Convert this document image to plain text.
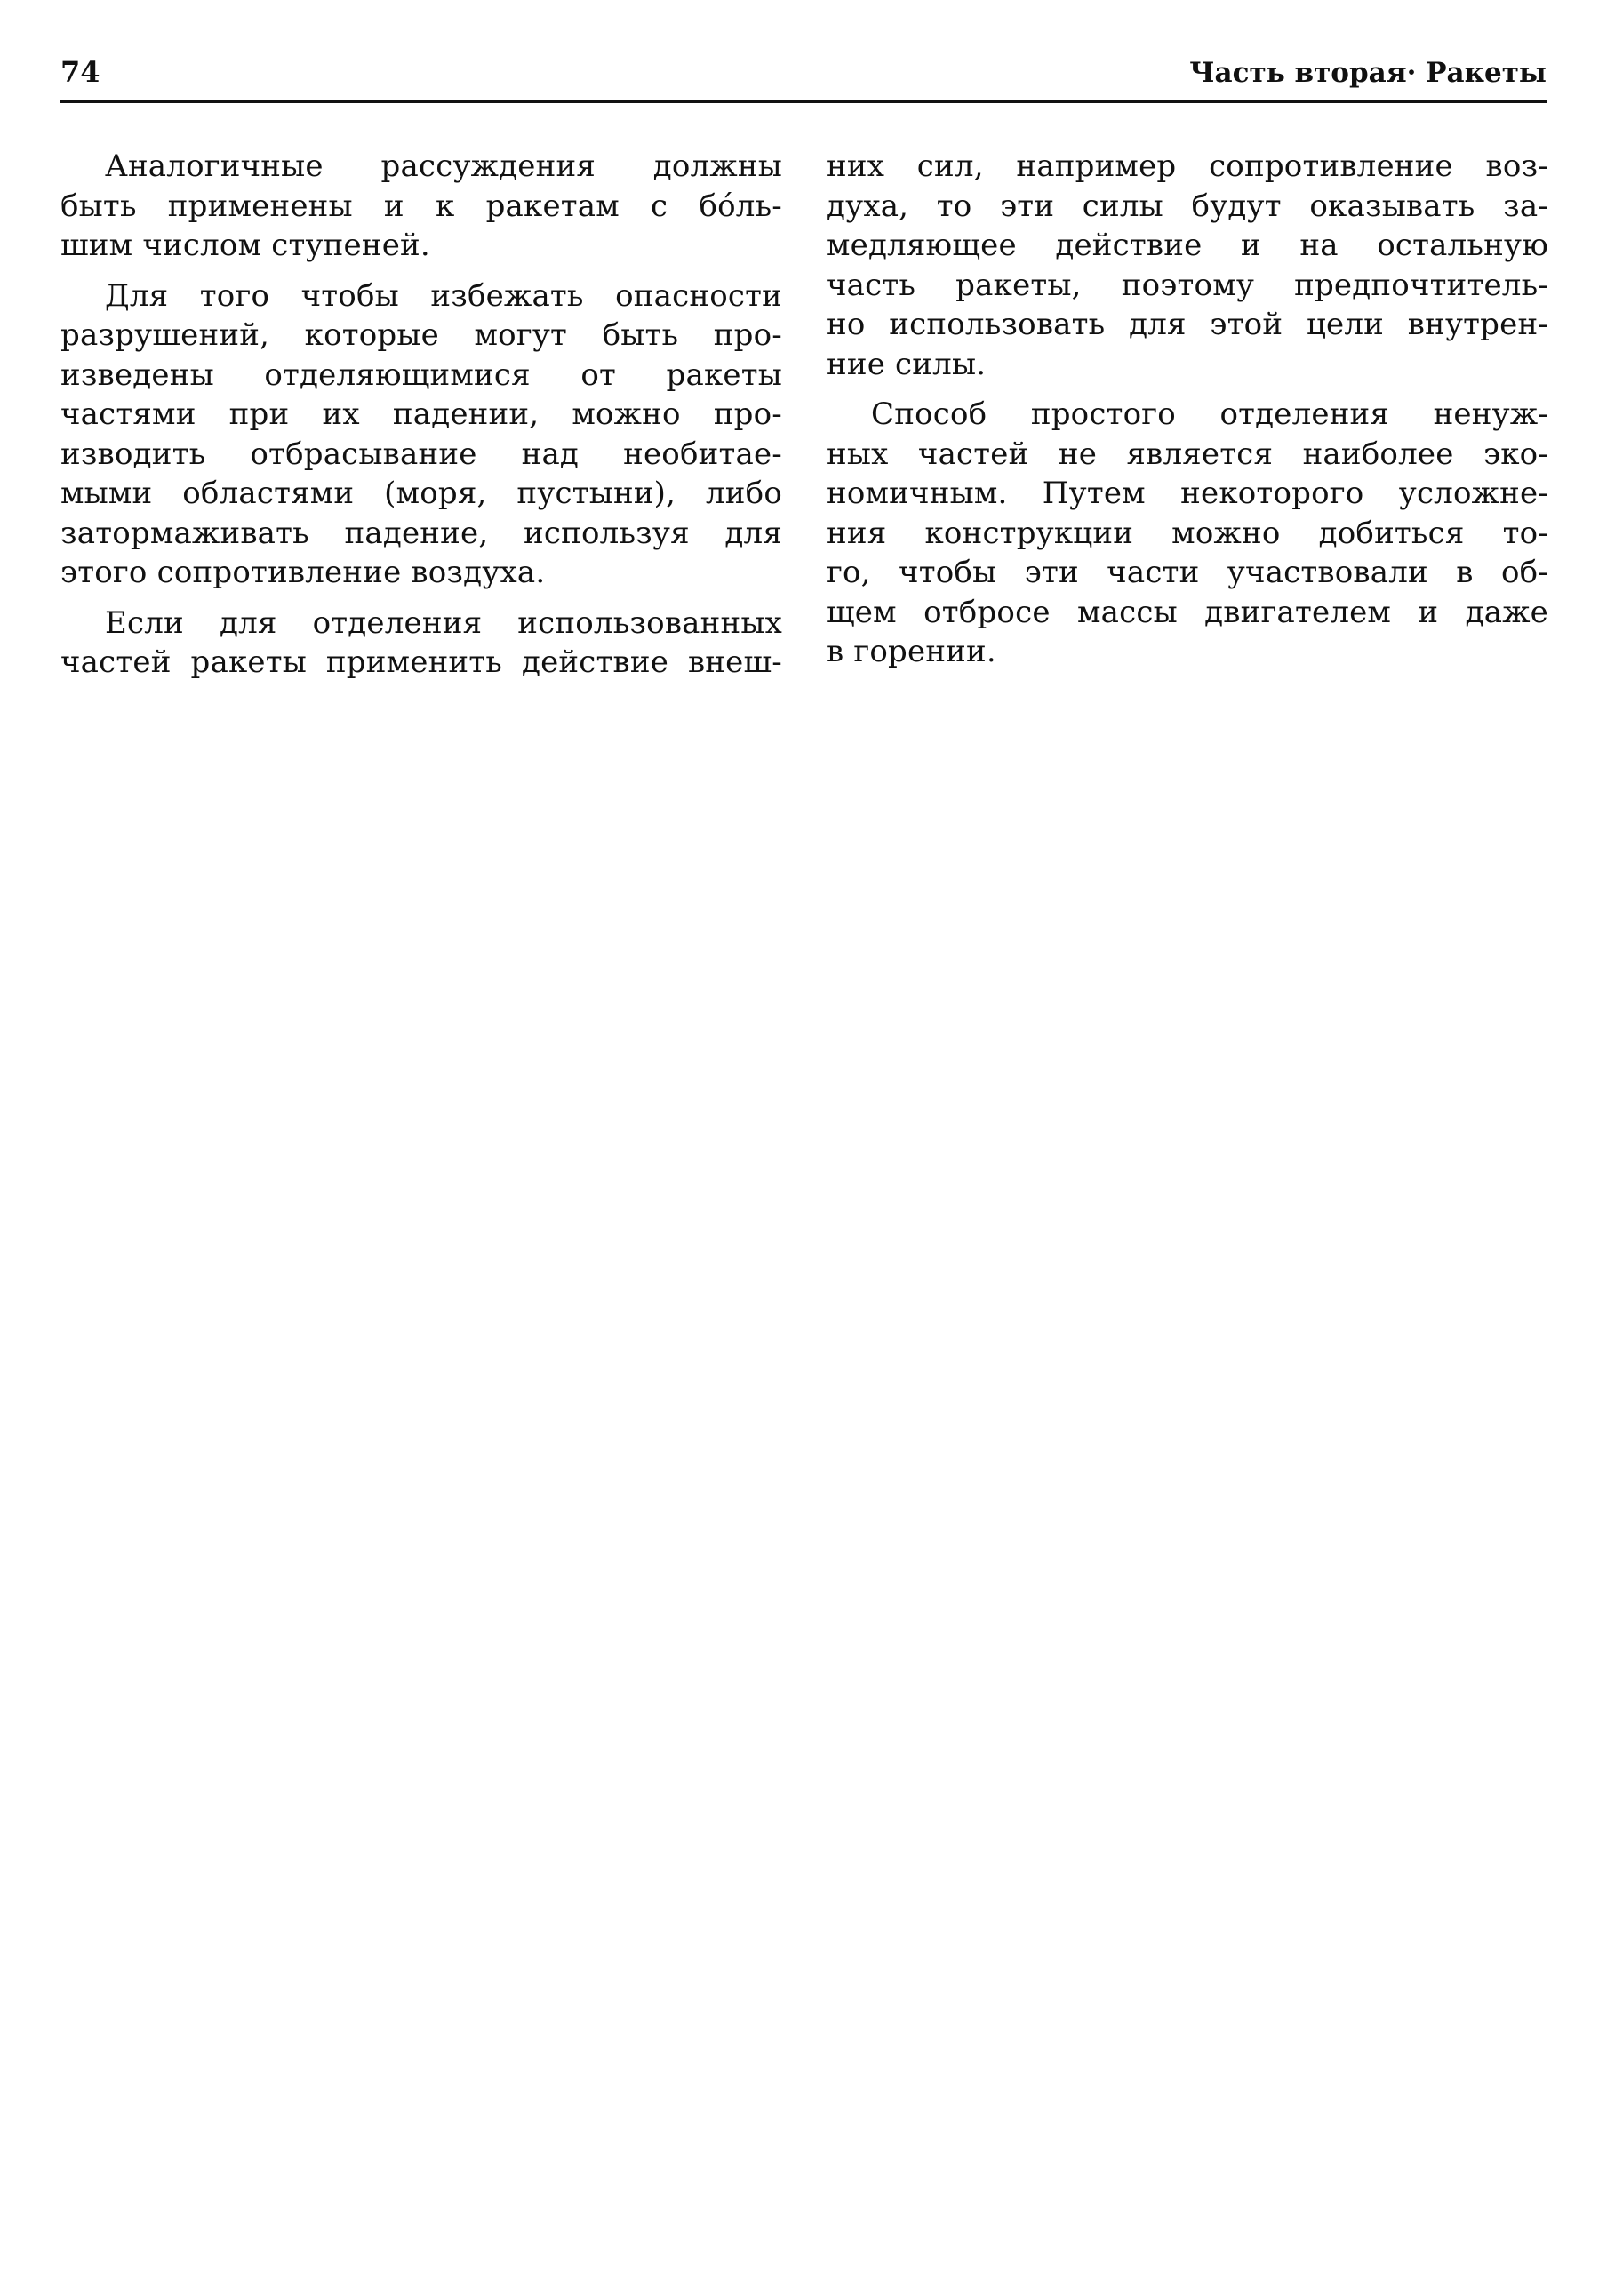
74	Часть вторая· Ракеты
Аналогичные рассуждения должны
быть применены и к ракетам с бóль-
шим числом ступеней.
Для того чтобы избежать опасности
разрушений, которые могут быть про-
изведены отделяющимися от ракеты
частями при их падении, можно про-
изводить отбрасывание над необитае-
мыми областями (моря, пустыни), либо
затормаживать падение, используя для
этого сопротивление воздуха.
Если для отделения использованных
частей ракеты применить действие внеш-
них сил, например сопротивление воз-
духа, то эти силы будут оказывать за-
медляющее действие и на остальную
часть ракеты, поэтому предпочтитель-
но использовать для этой цели внутрен-
ние силы.
Способ простого отделения ненуж-
ных частей не является наиболее эко-
номичным. Путем некоторого усложне-
ния конструкции можно добиться то-
го, чтобы эти части участвовали в об-
щем отбросе массы двигателем и даже
в горении.
